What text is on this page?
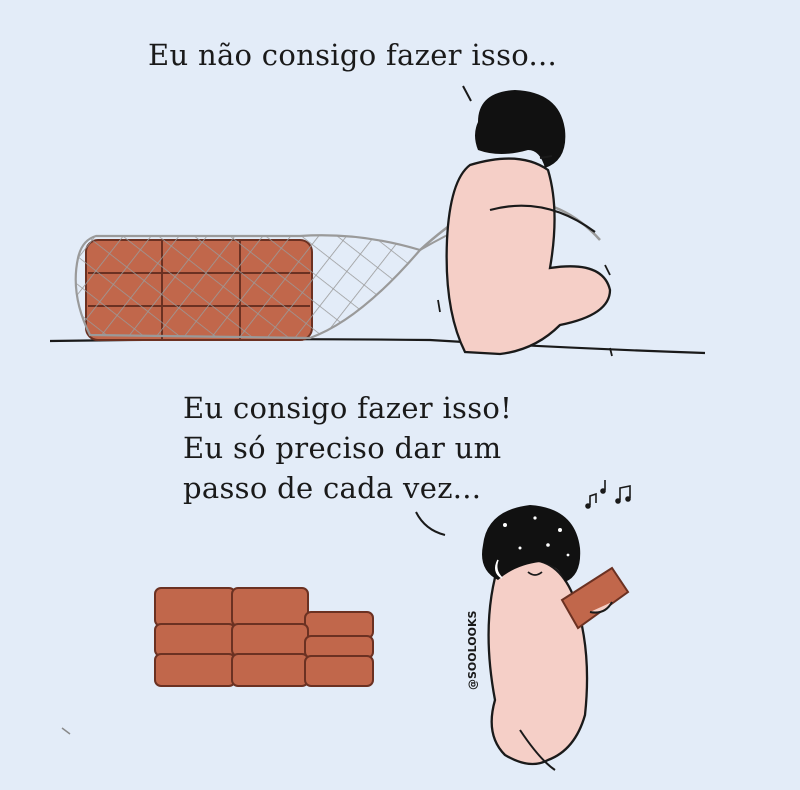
Eu não consigo fazer isso...

Eu consigo fazer isso!
Eu só preciso dar um
passo de cada vez...

@SOOLOOKS
